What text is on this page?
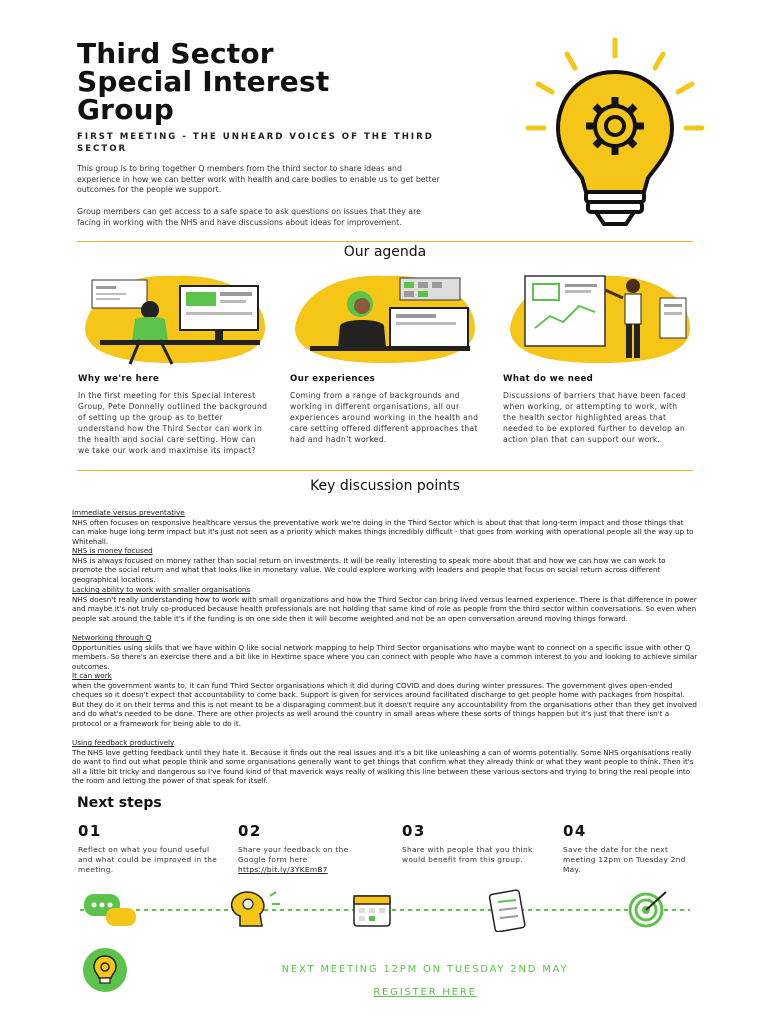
Third Sector
Special Interest
Group
FIRST MEETING - THE UNHEARD VOICES OF THE THIRD SECTOR
This group is to bring together Q members from the third sector to share ideas and experience in how we can better work with health and care bodies to enable us to get better outcomes for the people we support.
Group members can get access to a safe space to ask questions on issues that they are facing in working with the NHS and have discussions about ideas for improvement.
Our agenda
Why we're here	Our experiences	What do we need
In the first meeting for this Special Interest Group, Pete Donnelly outlined the background of setting up the group as to better understand how the Third Sector can work in the health and social care setting. How can we take our work and maximise its impact?
Coming from a range of backgrounds and working in different organisations, all our experiences around working in the health and care setting offered different approaches that had and hadn't worked.
Discussions of barriers that have been faced when working, or attempting to work, with the health sector highlighted areas that needed to be explored further to develop an action plan that can support our work.
Key discussion points
Immediate versus preventative
NHS often focuses on responsive healthcare versus the preventative work we're doing in the Third Sector which is about that that long-term impact and those things that can make huge long term impact but it's just not seen as a priority which makes things incredibly difficult - that goes from working with operational people all the way up to Whitehall.
NHS is money focused
NHS is always focused on money rather than social return on investments. It will be really interesting to speak more about that and how we can how we can work to promote the social return and what that looks like in monetary value. We could explore working with leaders and people that focus on social return across different geographical locations.
Lacking ability to work with smaller organisations
NHS doesn't really understanding how to work with small organizations and how the Third Sector can bring lived versus learned experience. There is that difference in power and maybe it's not truly co-produced because health professionals are not holding that same kind of role as people from the third sector within conversations. So even when people sat around the table it's if the funding is on one side then it will become weighted and not be an open conversation around moving things forward.
Networking through Q
Opportunities using skills that we have within Q like social network mapping to help Third Sector organisations who maybe want to connect on a specific issue with other Q members. So there's an exercise there and a bit like in Hextime space where you can connect with people who have a common interest to you and looking to achieve similar outcomes.
It can work
when the government wants to, it can fund Third Sector organisations which it did during COVID and does during winter pressures. The government gives open-ended cheques so it doesn't expect that accountability to come back. Support is given for services around facilitated discharge to get people home with packages from hospital. But they do it on their terms and this is not meant to be a disparaging comment but it doesn't require any accountability from the organisations other than they get involved and do what's needed to be done. There are other projects as well around the country in small areas where these sorts of things happen but it's just that there isn't a protocol or a framework for being able to do it.
Using feedback productively
The NHS love getting feedback until they hate it. Because it finds out the real issues and it's a bit like unleashing a can of worms potentially. Some NHS organisations really do want to find out what people think and some organisations generally want to get things that confirm what they already think or what they want people to think. Then it's all a little bit tricky and dangerous so I've found kind of that maverick ways really of walking this line between these various sectors and trying to bring the real people into the room and letting the power of that speak for itself.
Next steps
01	02	03	04
Reflect on what you found useful and what could be improved in the meeting.
Share your feedback on the Google form here
https://bit.ly/3YKEmB7
Share with people that you think would benefit from this group.
Save the date for the next meeting 12pm on Tuesday 2nd May.
NEXT MEETING 12PM ON TUESDAY 2ND MAY
REGISTER HERE
